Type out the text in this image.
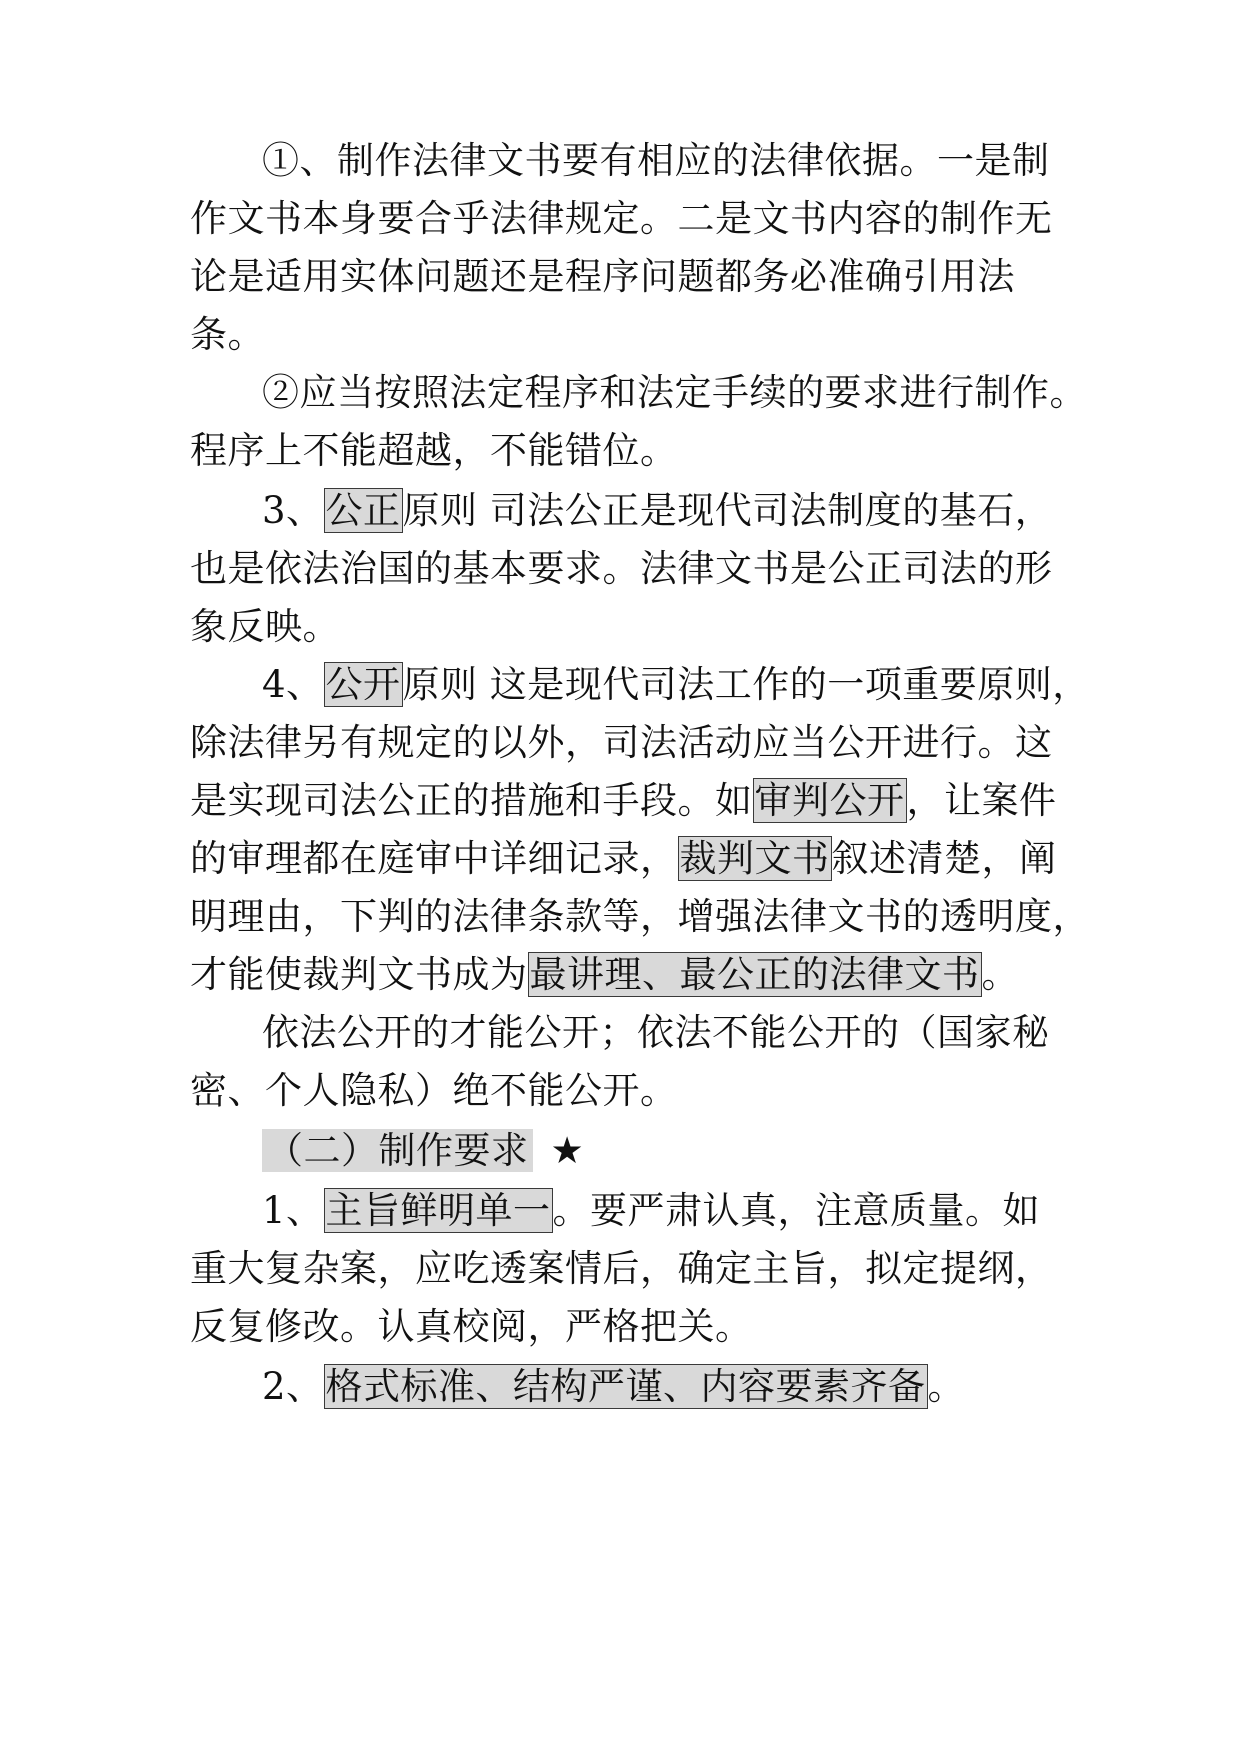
①、制作法律文书要有相应的法律依据。一是制
作文书本身要合乎法律规定。二是文书内容的制作无
论是适用实体问题还是程序问题都务必准确引用法
条。
②应当按照法定程序和法定手续的要求进行制作。
程序上不能超越，不能错位。
3、公正原则 司法公正是现代司法制度的基石，
也是依法治国的基本要求。法律文书是公正司法的形
象反映。
4、公开原则 这是现代司法工作的一项重要原则，
除法律另有规定的以外，司法活动应当公开进行。这
是实现司法公正的措施和手段。如审判公开，让案件
的审理都在庭审中详细记录，裁判文书叙述清楚，阐
明理由，下判的法律条款等，增强法律文书的透明度，
才能使裁判文书成为最讲理、最公正的法律文书。
依法公开的才能公开；依法不能公开的（国家秘
密、个人隐私）绝不能公开。
（二）制作要求 ★
1、主旨鲜明单一。要严肃认真，注意质量。如
重大复杂案，应吃透案情后，确定主旨，拟定提纲，
反复修改。认真校阅，严格把关。
2、格式标准、结构严谨、内容要素齐备。
